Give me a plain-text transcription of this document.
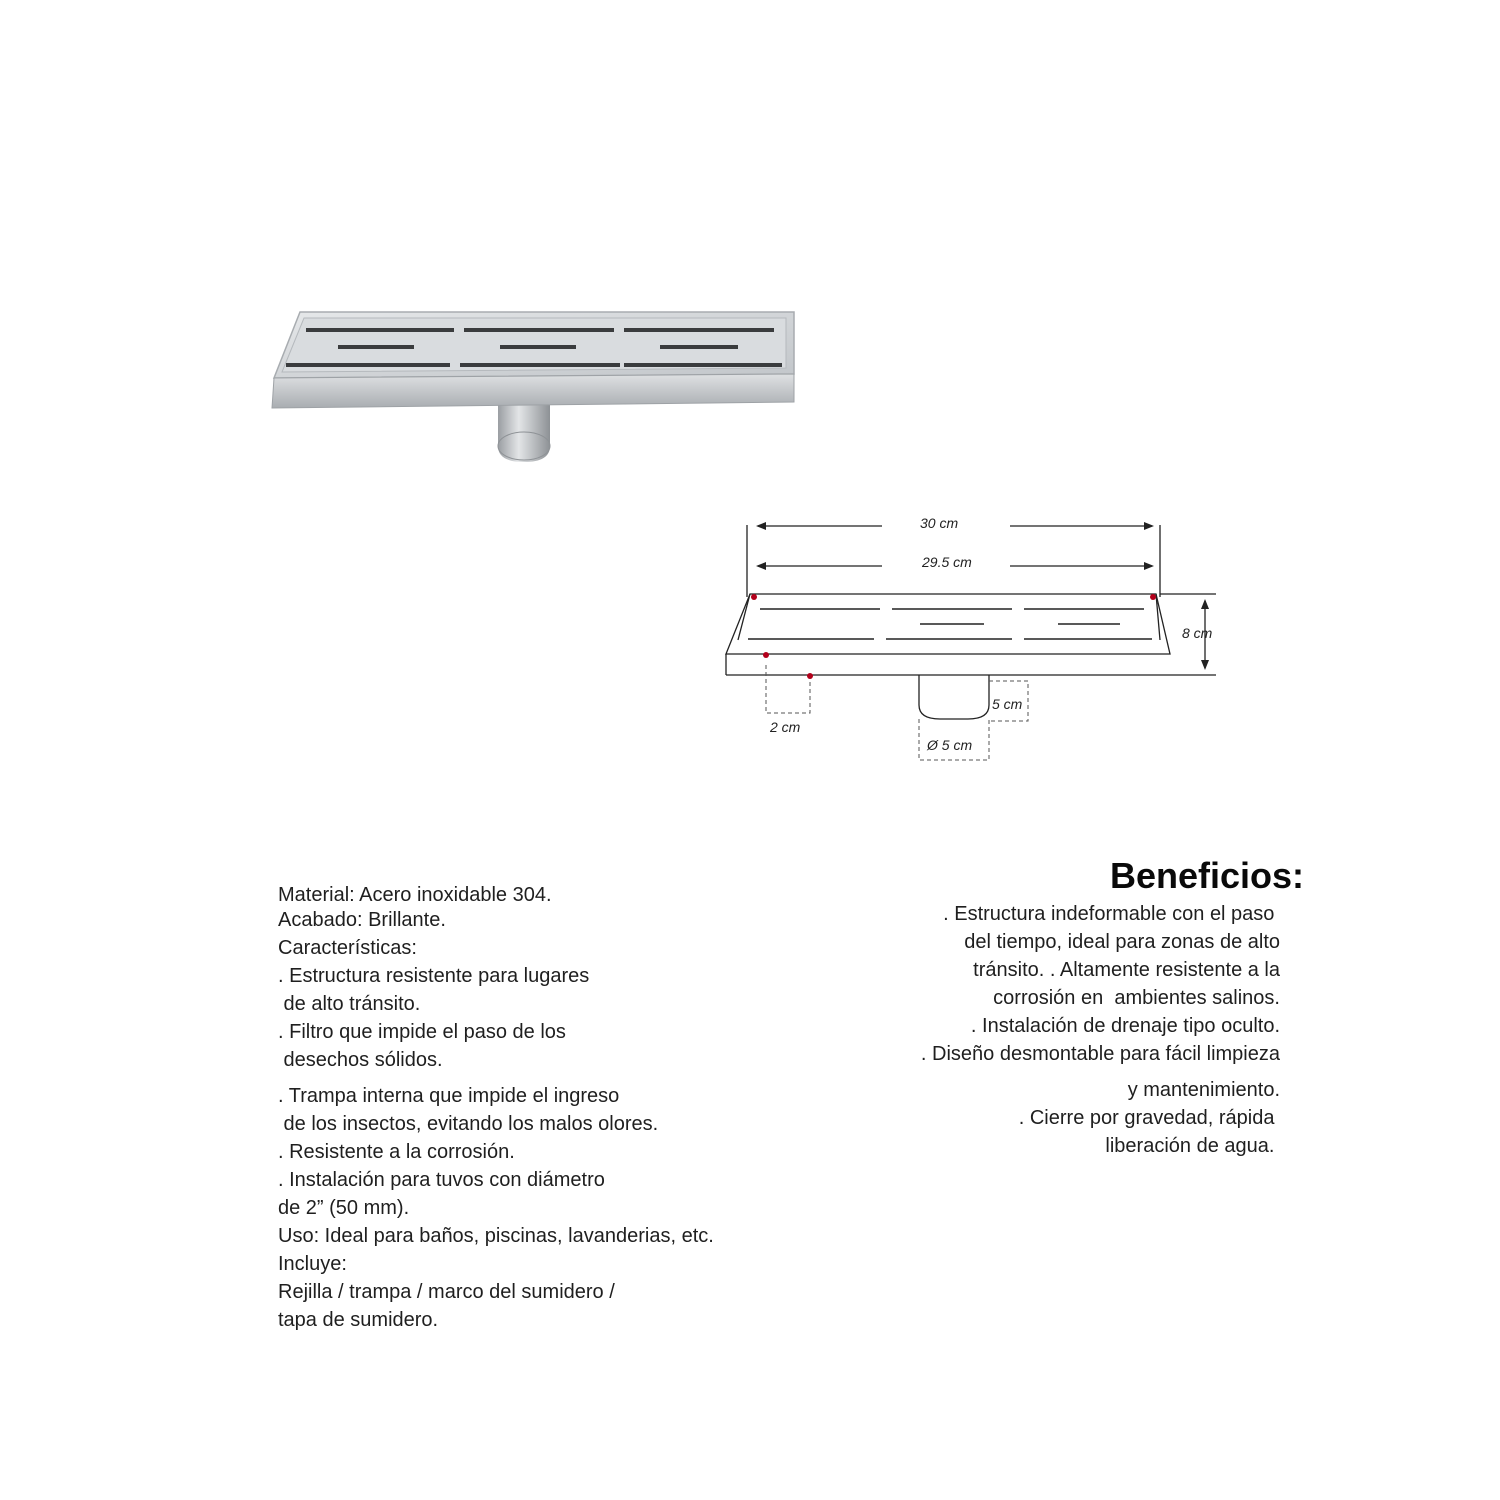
30 cm
29.5 cm
8 cm
2 cm
5 cm
Ø 5 cm
Material: Acero inoxidable 304.
Acabado: Brillante.
Características:
. Estructura resistente para lugares
de alto tránsito.
. Filtro que impide el paso de los
desechos sólidos.
. Trampa interna que impide el ingreso
de los insectos, evitando los malos olores.
. Resistente a la corrosión.
. Instalación para tuvos con diámetro
de 2” (50 mm).
Uso: Ideal para baños, piscinas, lavanderias, etc.
Incluye:
Rejilla / trampa / marco del sumidero /
tapa de sumidero.
Beneficios:
. Estructura indeformable con el paso
del tiempo, ideal para zonas de alto
tránsito. . Altamente resistente a la
corrosión en  ambientes salinos.
. Instalación de drenaje tipo oculto.
. Diseño desmontable para fácil limpieza
y mantenimiento.
. Cierre por gravedad, rápida
liberación de agua.
